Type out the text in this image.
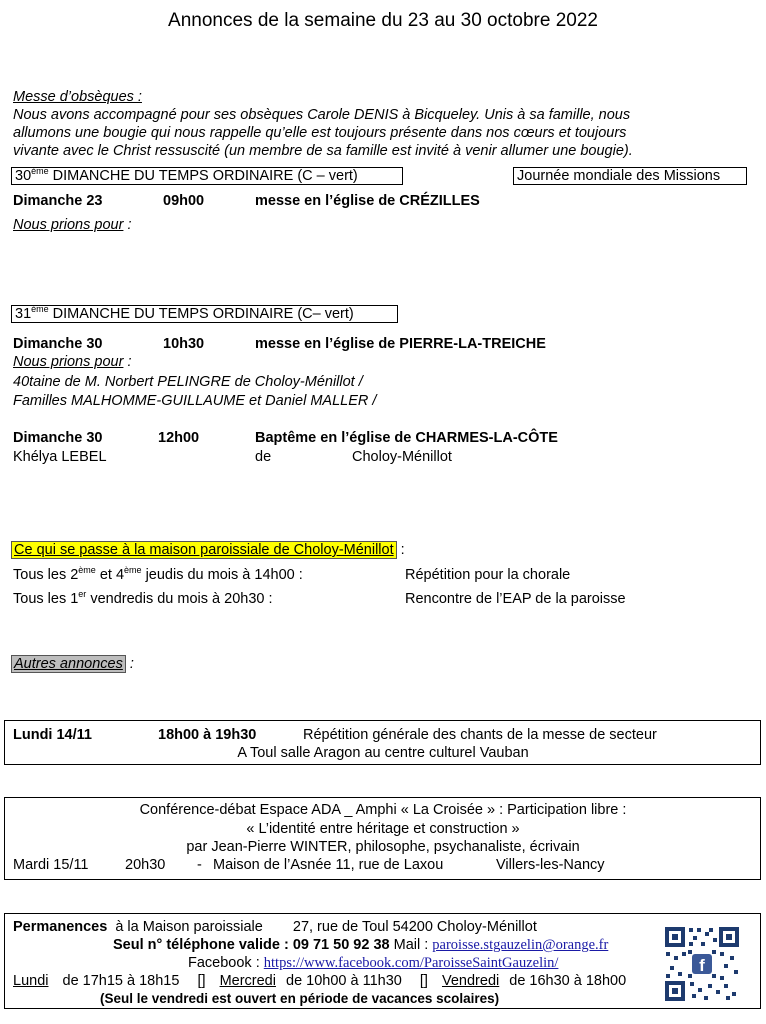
Annonces de la semaine du 23 au 30 octobre 2022
Messe d’obsèques :
Nous avons accompagné pour ses obsèques Carole DENIS à Bicqueley. Unis à sa famille, nous
allumons une bougie qui nous rappelle qu’elle est toujours présente dans nos cœurs et toujours
vivante avec le Christ ressuscité (un membre de sa famille est invité à venir allumer une bougie).
30ème DIMANCHE DU TEMPS ORDINAIRE (C – vert)	Journée mondiale des Missions
Dimanche 23	09h00	messe en l’église de CRÉZILLES
Nous prions pour :
31ème DIMANCHE DU TEMPS ORDINAIRE (C– vert)
Dimanche 30	10h30	messe en l’église de PIERRE-LA-TREICHE
Nous prions pour :
40taine de M. Norbert PELINGRE de Choloy-Ménillot /
Familles MALHOMME-GUILLAUME et Daniel MALLER /
Dimanche 30	12h00	Baptême en l’église de CHARMES-LA-CÔTE
Khélya LEBEL	de	Choloy-Ménillot
Ce qui se passe à la maison paroissiale de Choloy-Ménillot :
Tous les 2ème et 4ème jeudis du mois à 14h00 :	Répétition pour la chorale
Tous les 1er vendredis du mois à 20h30 :	Rencontre de l’EAP de la paroisse
Autres annonces :
Lundi 14/11	18h00 à 19h30	Répétition générale des chants de la messe de secteur
A Toul salle Aragon au centre culturel Vauban
Conférence-débat Espace ADA _ Amphi « La Croisée » : Participation libre :
« L’identité entre héritage et construction »
par Jean-Pierre WINTER, philosophe, psychanaliste, écrivain
Mardi 15/11	20h30 - Maison de l’Asnée 11, rue de Laxou	Villers-les-Nancy
Permanences à la Maison paroissiale 27, rue de Toul 54200 Choloy-Ménillot
Seul n° téléphone valide : 09 71 50 92 38 Mail : paroisse.stgauzelin@orange.fr
Facebook : https://www.facebook.com/ParoisseSaintGauzelin/
Lundi de 17h15 à 18h15 [] Mercredi de 10h00 à 11h30 [] Vendredi de 16h30 à 18h00
(Seul le vendredi est ouvert en période de vacances scolaires)
f
